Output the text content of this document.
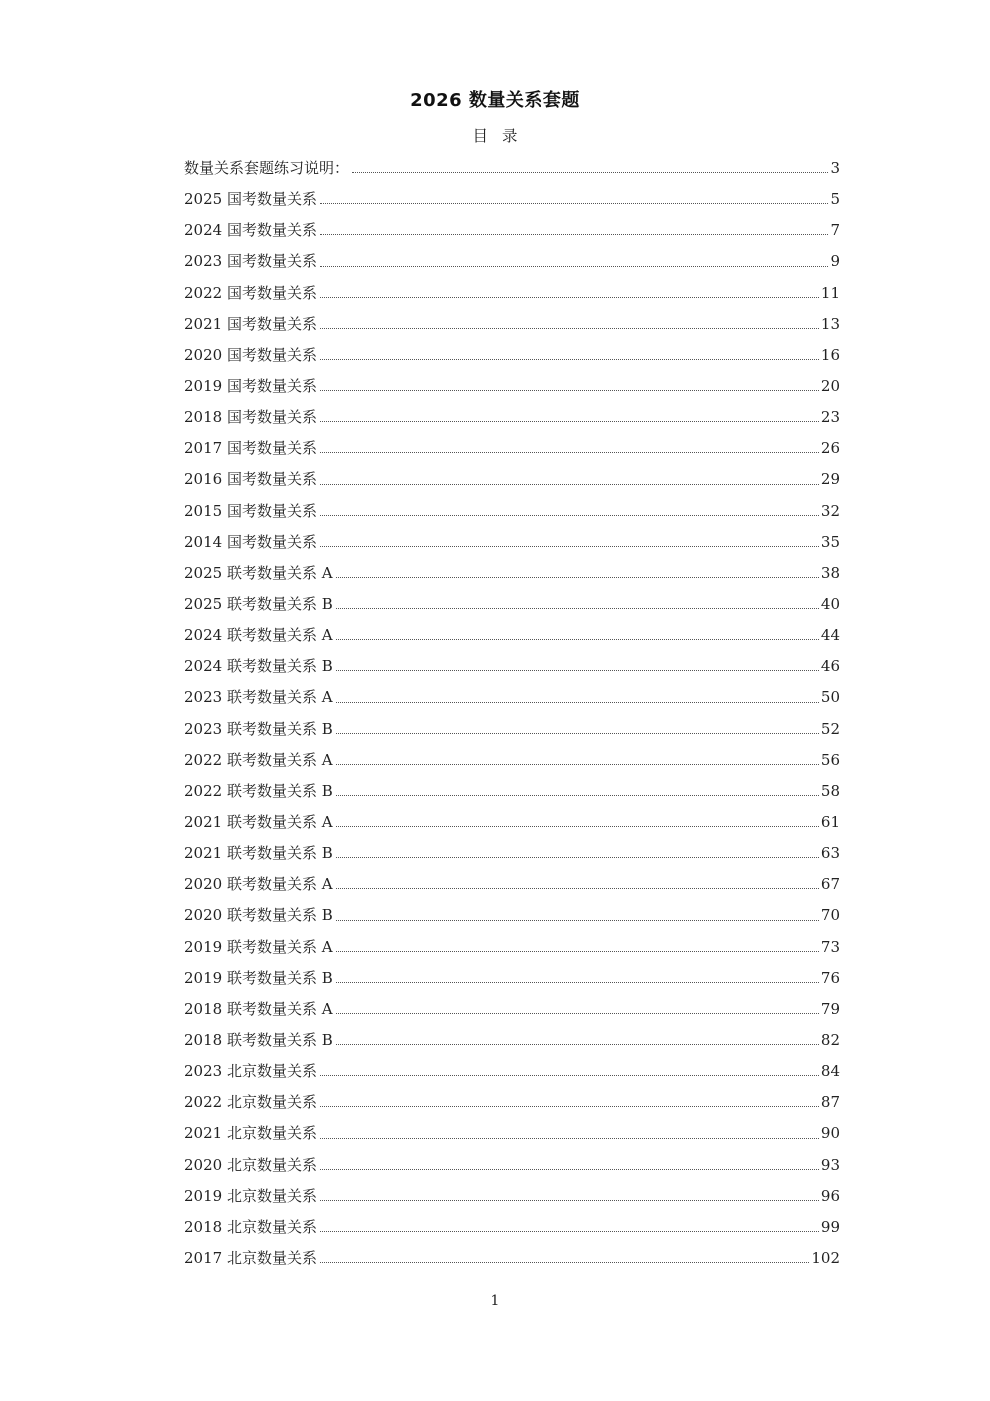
2026 数量关系套题
目录
数量关系套题练习说明：	3
2025 国考数量关系	5
2024 国考数量关系	7
2023 国考数量关系	9
2022 国考数量关系	11
2021 国考数量关系	13
2020 国考数量关系	16
2019 国考数量关系	20
2018 国考数量关系	23
2017 国考数量关系	26
2016 国考数量关系	29
2015 国考数量关系	32
2014 国考数量关系	35
2025 联考数量关系 A	38
2025 联考数量关系 B	40
2024 联考数量关系 A	44
2024 联考数量关系 B	46
2023 联考数量关系 A	50
2023 联考数量关系 B	52
2022 联考数量关系 A	56
2022 联考数量关系 B	58
2021 联考数量关系 A	61
2021 联考数量关系 B	63
2020 联考数量关系 A	67
2020 联考数量关系 B	70
2019 联考数量关系 A	73
2019 联考数量关系 B	76
2018 联考数量关系 A	79
2018 联考数量关系 B	82
2023 北京数量关系	84
2022 北京数量关系	87
2021 北京数量关系	90
2020 北京数量关系	93
2019 北京数量关系	96
2018 北京数量关系	99
2017 北京数量关系	102
1
